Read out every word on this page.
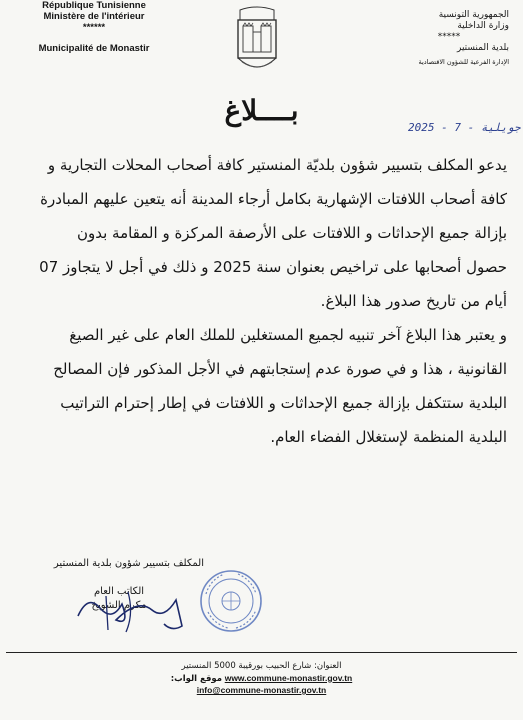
République Tunisienne
Ministère de l'intérieur
******
Municipalité de Monastir
الجمهورية التونسية
وزارة الداخلية
*****
بلدية المنستير
الإدارة الفرعية للشؤون الاقتصادية
بــــلاغ
2025 - 7 - جويلية

يدعو المكلف بتسيير شؤون بلديّة المنستير كافة أصحاب المحلات التجارية و كافة أصحاب اللافتات الإشهارية بكامل أرجاء المدينة أنه يتعين عليهم المبادرة بإزالة جميع الإحداثات و اللافتات على الأرصفة المركزة و المقامة بدون حصول أصحابها على تراخيص بعنوان سنة 2025 و ذلك في أجل لا يتجاوز 07 أيام من تاريخ صدور هذا البلاغ.

و يعتبر هذا البلاغ آخر تنبيه لجميع المستغلين للملك العام على غير الصيغ القانونية ، هذا و في صورة عدم إستجابتهم في الأجل المذكور فإن المصالح البلدية ستتكفل بإزالة جميع الإحداثات و اللافتات في إطار إحترام التراتيب البلدية المنظمة لإستغلال الفضاء العام.

المكلف بتسيير شؤون بلدية المنستير
الكاتب العام
مكرم الشويخ
العنوان: شارع الحبيب بورقيبة 5000 المنستير
www.commune-monastir.gov.tn موقع الواب:
info@commune-monastir.gov.tn
